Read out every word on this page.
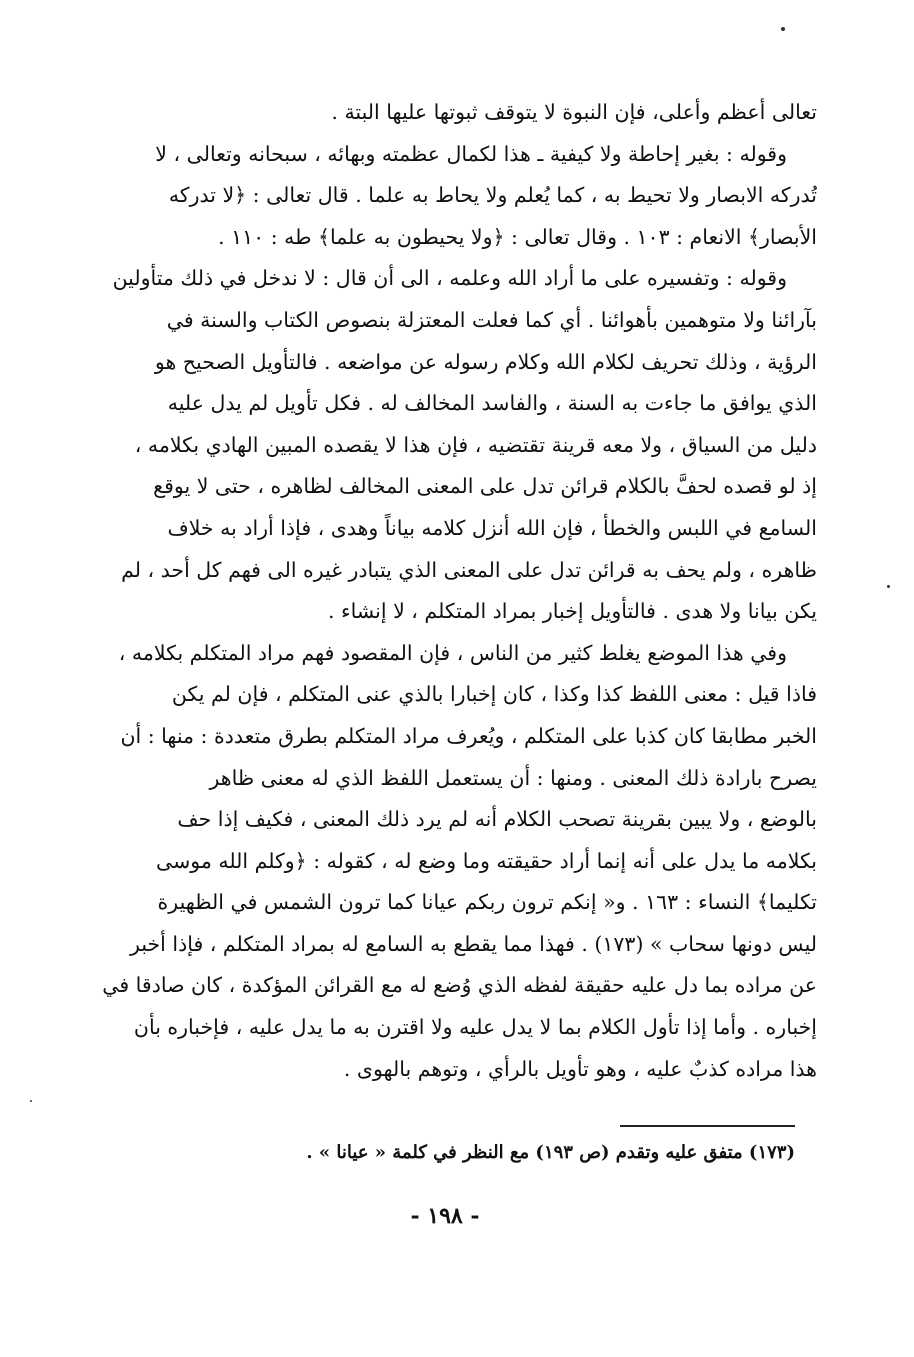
تعالى أعظم وأعلى، فإن النبوة لا يتوقف ثبوتها عليها البتة .
وقوله : بغير إحاطة ولا كيفية ـ هذا لكمال عظمته وبهائه ، سبحانه وتعالى ، لا
تُدركه الابصار ولا تحيط به ، كما يُعلم ولا يحاط به علما . قال تعالى : ﴿لا تدركه
الأبصار﴾ الانعام : ١٠٣ . وقال تعالى : ﴿ولا يحيطون به علما﴾ طه : ١١٠ .
وقوله : وتفسيره على ما أراد الله وعلمه ، الى أن قال : لا ندخل في ذلك متأولين
بآرائنا ولا متوهمين بأهوائنا . أي كما فعلت المعتزلة بنصوص الكتاب والسنة في
الرؤية ، وذلك تحريف لكلام الله وكلام رسوله عن مواضعه . فالتأويل الصحيح هو
الذي يوافق ما جاءت به السنة ، والفاسد المخالف له . فكل تأويل لم يدل عليه
دليل من السياق ، ولا معه قرينة تقتضيه ، فإن هذا لا يقصده المبين الهادي بكلامه ،
إذ لو قصده لحفَّ بالكلام قرائن تدل على المعنى المخالف لظاهره ، حتى لا يوقع
السامع في اللبس والخطأ ، فإن الله أنزل كلامه بياناً وهدى ، فإذا أراد به خلاف
ظاهره ، ولم يحف به قرائن تدل على المعنى الذي يتبادر غيره الى فهم كل أحد ، لم
يكن بيانا ولا هدى . فالتأويل إخبار بمراد المتكلم ، لا إنشاء .
وفي هذا الموضع يغلط كثير من الناس ، فإن المقصود فهم مراد المتكلم بكلامه ،
فاذا قيل : معنى اللفظ كذا وكذا ، كان إخبارا بالذي عنى المتكلم ، فإن لم يكن
الخبر مطابقا كان كذبا على المتكلم ، ويُعرف مراد المتكلم بطرق متعددة : منها : أن
يصرح بارادة ذلك المعنى . ومنها : أن يستعمل اللفظ الذي له معنى ظاهر
بالوضع ، ولا يبين بقرينة تصحب الكلام أنه لم يرد ذلك المعنى ، فكيف إذا حف
بكلامه ما يدل على أنه إنما أراد حقيقته وما وضع له ، كقوله : ﴿وكلم الله موسى
تكليما﴾ النساء : ١٦٣ . و« إنكم ترون ربكم عيانا كما ترون الشمس في الظهيرة
ليس دونها سحاب » (١٧٣) . فهذا مما يقطع به السامع له بمراد المتكلم ، فإذا أخبر
عن مراده بما دل عليه حقيقة لفظه الذي وُضع له مع القرائن المؤكدة ، كان صادقا في
إخباره . وأما إذا تأول الكلام بما لا يدل عليه ولا اقترن به ما يدل عليه ، فإخباره بأن
هذا مراده كذبٌ عليه ، وهو تأويل بالرأي ، وتوهم بالهوى .
(١٧٣) متفق عليه وتقدم (ص ١٩٣) مع النظر في كلمة « عيانا » .
- ١٩٨ -
